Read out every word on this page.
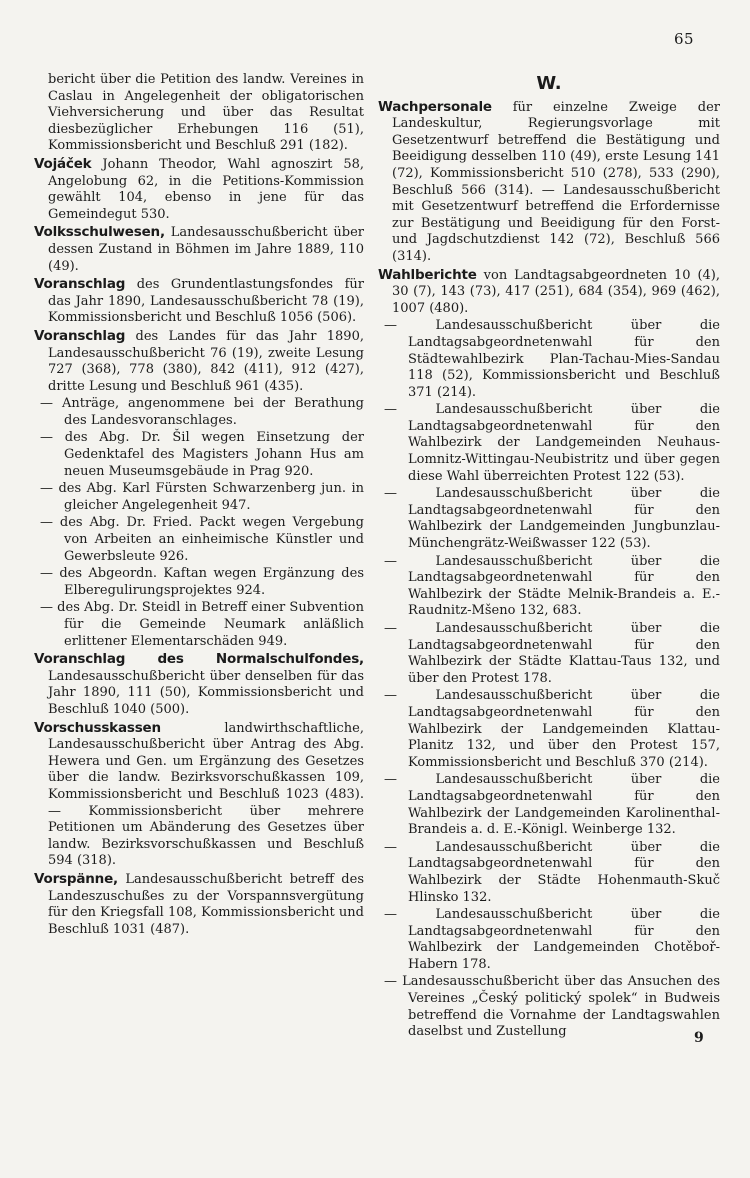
65

bericht über die Petition des landw. Vereines in Caslau in Angelegenheit der obligatorischen Viehversicherung und über das Resultat diesbezüglicher Erhebungen 116 (51), Kommissionsbericht und Beschluß 291 (182).

Vojáček Johann Theodor, Wahl agnoszirt 58, Angelobung 62, in die Petitions-Kommission gewählt 104, ebenso in jene für das Gemeindegut 530.

Volksschulwesen, Landesausschußbericht über dessen Zustand in Böhmen im Jahre 1889, 110 (49).

Voranschlag des Grundentlastungsfondes für das Jahr 1890, Landesausschußbericht 78 (19), Kommissionsbericht und Beschluß 1056 (506).

Voranschlag des Landes für das Jahr 1890, Landesausschußbericht 76 (19), zweite Lesung 727 (368), 778 (380), 842 (411), 912 (427), dritte Lesung und Beschluß 961 (435).

— Anträge, angenommene bei der Berathung des Landesvoranschlages.

— des Abg. Dr. Šil wegen Einsetzung der Gedenktafel des Magisters Johann Hus am neuen Museumsgebäude in Prag 920.

— des Abg. Karl Fürsten Schwarzenberg jun. in gleicher Angelegenheit 947.

— des Abg. Dr. Fried. Packt wegen Vergebung von Arbeiten an einheimische Künstler und Gewerbsleute 926.

— des Abgeordn. Kaftan wegen Ergänzung des Elberegulirungsprojektes 924.

— des Abg. Dr. Steidl in Betreff einer Subvention für die Gemeinde Neumark anläßlich erlittener Elementarschäden 949.

Voranschlag des Normalschulfondes, Landesausschußbericht über denselben für das Jahr 1890, 111 (50), Kommissionsbericht und Beschluß 1040 (500).

Vorschusskassen landwirthschaftliche, Landesausschußbericht über Antrag des Abg. Hewera und Gen. um Ergänzung des Gesetzes über die landw. Bezirksvorschußkassen 109, Kommissionsbericht und Beschluß 1023 (483). — Kommissionsbericht über mehrere Petitionen um Abänderung des Gesetzes über landw. Bezirksvorschußkassen und Beschluß 594 (318).

Vorspänne, Landesausschußbericht betreff des Landeszuschußes zu der Vorspannsvergütung für den Kriegsfall 108, Kommissionsbericht und Beschluß 1031 (487).

W.

Wachpersonale für einzelne Zweige der Landeskultur, Regierungsvorlage mit Gesetzentwurf betreffend die Bestätigung und Beeidigung desselben 110 (49), erste Lesung 141 (72), Kommissionsbericht 510 (278), 533 (290), Beschluß 566 (314). — Landesausschußbericht mit Gesetzentwurf betreffend die Erfordernisse zur Bestätigung und Beeidigung für den Forst- und Jagdschutzdienst 142 (72), Beschluß 566 (314).

Wahlberichte von Landtagsabgeordneten 10 (4), 30 (7), 143 (73), 417 (251), 684 (354), 969 (462), 1007 (480).

— Landesausschußbericht über die Landtagsabgeordnetenwahl für den Städtewahlbezirk Plan-Tachau-Mies-Sandau 118 (52), Kommissionsbericht und Beschluß 371 (214).

— Landesausschußbericht über die Landtagsabgeordnetenwahl für den Wahlbezirk der Landgemeinden Neuhaus-Lomnitz-Wittingau-Neubistritz und über gegen diese Wahl überreichten Protest 122 (53).

— Landesausschußbericht über die Landtagsabgeordnetenwahl für den Wahlbezirk der Landgemeinden Jungbunzlau-Münchengrätz-Weißwasser 122 (53).

— Landesausschußbericht über die Landtagsabgeordnetenwahl für den Wahlbezirk der Städte Melnik-Brandeis a. E.-Raudnitz-Mšeno 132, 683.

— Landesausschußbericht über die Landtagsabgeordnetenwahl für den Wahlbezirk der Städte Klattau-Taus 132, und über den Protest 178.

— Landesausschußbericht über die Landtagsabgeordnetenwahl für den Wahlbezirk der Landgemeinden Klattau-Planitz 132, und über den Protest 157, Kommissionsbericht und Beschluß 370 (214).

— Landesausschußbericht über die Landtagsabgeordnetenwahl für den Wahlbezirk der Landgemeinden Karolinenthal-Brandeis a. d. E.-Königl. Weinberge 132.

— Landesausschußbericht über die Landtagsabgeordnetenwahl für den Wahlbezirk der Städte Hohenmauth-Skuč Hlinsko 132.

— Landesausschußbericht über die Landtagsabgeordnetenwahl für den Wahlbezirk der Landgemeinden Chotěboř-Habern 178.

— Landesausschußbericht über das Ansuchen des Vereines „Český politický spolek“ in Budweis betreffend die Vornahme der Landtagswahlen daselbst und Zustellung	9
